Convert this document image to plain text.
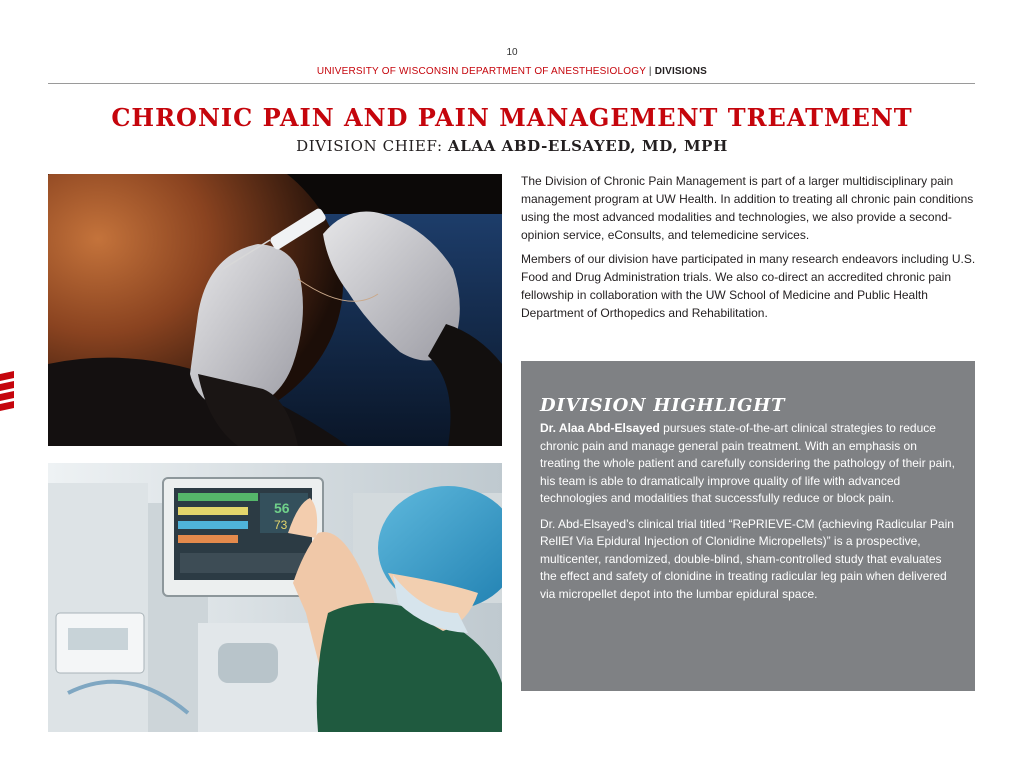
10
UNIVERSITY OF WISCONSIN DEPARTMENT OF ANESTHESIOLOGY | DIVISIONS
CHRONIC PAIN AND PAIN MANAGEMENT TREATMENT
DIVISION CHIEF: ALAA ABD-ELSAYED, MD, MPH
56
73

The Division of Chronic Pain Management is part of a larger multidisciplinary pain management program at UW Health. In addition to treating all chronic pain conditions using the most advanced modalities and technologies, we also provide a second-opinion service, eConsults, and telemedicine services.

Members of our division have participated in many research endeavors including U.S. Food and Drug Administration trials. We also co-direct an accredited chronic pain fellowship in collaboration with the UW School of Medicine and Public Health Department of Orthopedics and Rehabilitation.

DIVISION HIGHLIGHT

Dr. Alaa Abd-Elsayed pursues state-of-the-art clinical strategies to reduce chronic pain and manage general pain treatment. With an emphasis on treating the whole patient and carefully considering the pathology of their pain, his team is able to dramatically improve quality of life with advanced technologies and modalities that successfully reduce or block pain.

Dr. Abd-Elsayed’s clinical trial titled “RePRIEVE-CM (achieving Radicular Pain RelIEf Via Epidural Injection of Clonidine Micropellets)” is a prospective, multicenter, randomized, double-blind, sham-controlled study that evaluates the effect and safety of clonidine in treating radicular leg pain when delivered via micropellet depot into the lumbar epidural space.
